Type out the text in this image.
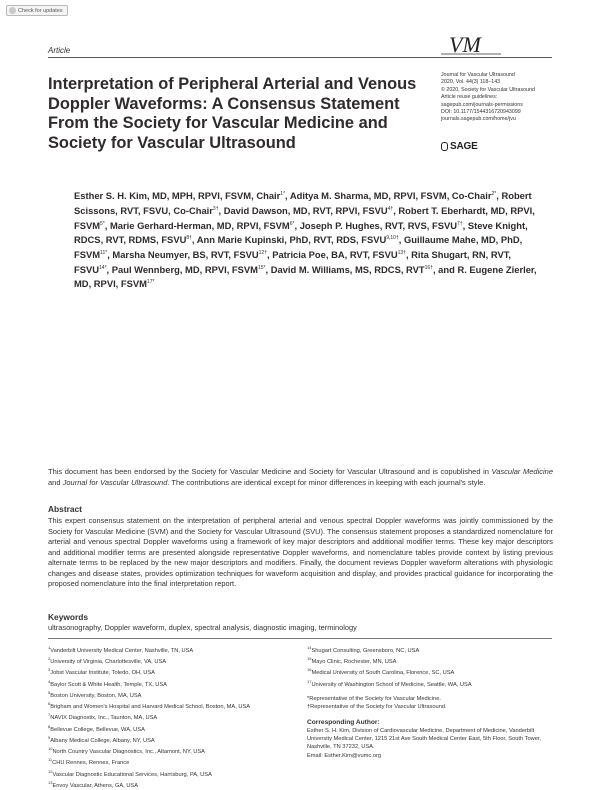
Check for updates
Article	VM
Interpretation of Peripheral Arterial and Venous Doppler Waveforms: A Consensus Statement From the Society for Vascular Medicine and Society for Vascular Ultrasound
Journal for Vascular Ultrasound
2020, Vol. 44(3) 118–143
© 2020, Society for Vascular Ultrasound
Article reuse guidelines:
sagepub.com/journals-permissions
DOI: 10.1177/1544316720943099
journals.sagepub.com/home/jvu
SAGE
Esther S. H. Kim, MD, MPH, RPVI, FSVM, Chair$^{1*}$, Aditya M. Sharma, MD, RPVI, FSVM, Co-Chair$^{2*}$, Robert Scissons, RVT, FSVU, Co-Chair$^{3\dagger}$, David Dawson, MD, RVT, RPVI, $FSVU^{4\dagger}$, Robert T. Eberhardt, MD, RPVI, $FSVM^{5*}$, Marie Gerhard-Herman, MD, RPVI, $FSVM^{6*}$, Joseph P. Hughes, RVT, RVS, $FSVU^{7\dagger}$, Steve Knight, RDCS, RVT, RDMS, $FSVU^{8\dagger}$, Ann Marie Kupinski, PhD, RVT, RDS, $FSVU^{9,10\dagger}$, Guillaume Mahe, MD, PhD, $FSVM^{11*}$, Marsha Neumyer, BS, RVT, $FSVU^{12\dagger}$, Patricia Poe, BA, RVT, $FSVU^{13\dagger}$, Rita Shugart, RN, RVT, $FSVU^{14*}$, Paul Wennberg, MD, RPVI, $FSVM^{15*}$, David M. Williams, MS, RDCS, $RVT^{16\dagger}$, and R. Eugene Zierler, MD, RPVI, $FSVM^{17*}$
This document has been endorsed by the Society for Vascular Medicine and Society for Vascular Ultrasound and is copublished in Vascular Medicine and Journal for Vascular Ultrasound. The contributions are identical except for minor differences in keeping with each journal's style.
Abstract
This expert consensus statement on the interpretation of peripheral arterial and venous spectral Doppler waveforms was jointly commissioned by the Society for Vascular Medicine (SVM) and the Society for Vascular Ultrasound (SVU). The consensus statement proposes a standardized nomenclature for arterial and venous spectral Doppler waveforms using a framework of key major descriptors and additional modifier terms. These key major descriptors and additional modifier terms are presented alongside representative Doppler waveforms, and nomenclature tables provide context by listing previous alternate terms to be replaced by the new major descriptors and modifiers. Finally, the document reviews Doppler waveform alterations with physiologic changes and disease states, provides optimization techniques for waveform acquisition and display, and provides practical guidance for incorporating the proposed nomenclature into the final interpretation report.
Keywords
ultrasonography, Doppler waveform, duplex, spectral analysis, diagnostic imaging, terminology
$^1$Vanderbilt University Medical Center, Nashville, TN, USA
$^2$University of Virginia, Charlottesville, VA, USA
$^3$Jobst Vascular Institute, Toledo, OH, USA
$^4$Baylor Scott & White Health, Temple, TX, USA
$^5$Boston University, Boston, MA, USA
$^6$Brigham and Women's Hospital and Harvard Medical School, Boston, MA, USA
$^7$NAVIX Diagnostix, Inc., Taunton, MA, USA
$^8$Bellevue College, Bellevue, WA, USA
$^9$Albany Medical College, Albany, NY, USA
$^{10}$North Country Vascular Diagnostics, Inc., Altamont, NY, USA
$^{11}$CHU Rennes, Rennes, France
$^{12}$Vascular Diagnostic Educational Services, Harrisburg, PA, USA
$^{13}$Envoy Vascular, Athens, GA, USA
$^{14}$Shugart Consulting, Greensboro, NC, USA
$^{15}$Mayo Clinic, Rochester, MN, USA
$^{16}$Medical University of South Carolina, Florence, SC, USA
$^{17}$University of Washington School of Medicine, Seattle, WA, USA
*Representative of the Society for Vascular Medicine.
†Representative of the Society for Vascular Ultrasound.
Corresponding Author:
Esther S. H. Kim, Division of Cardiovascular Medicine, Department of Medicine, Vanderbilt University Medical Center, 1215 21st Ave South Medical Center East, 5th Floor, South Tower, Nashville, TN 37232, USA.
Email: Esther.Kim@vumc.org
